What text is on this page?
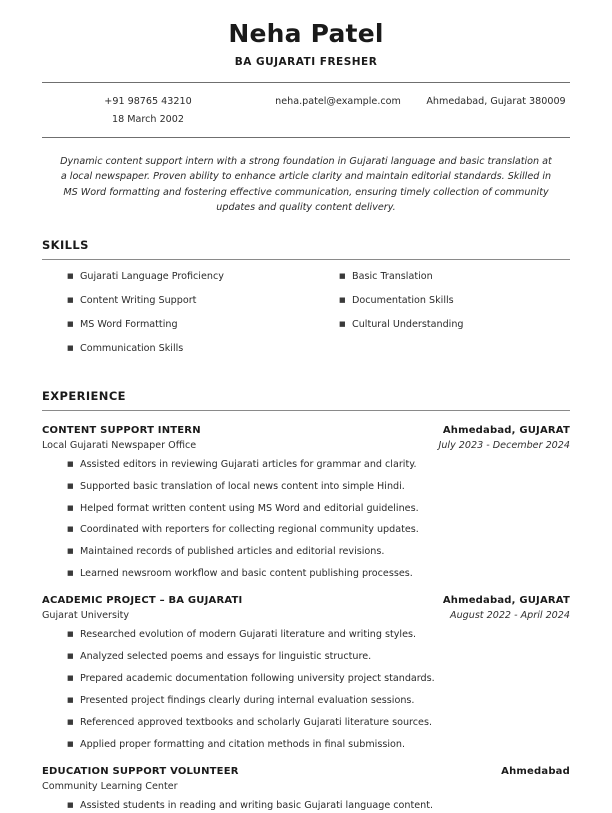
Neha Patel
BA GUJARATI FRESHER
+91 98765 43210
18 March 2002
neha.patel@example.com	Ahmedabad, Gujarat 380009
Dynamic content support intern with a strong foundation in Gujarati language and basic translation at a local newspaper. Proven ability to enhance article clarity and maintain editorial standards. Skilled in MS Word formatting and fostering effective communication, ensuring timely collection of community updates and quality content delivery.
SKILLS
■ Gujarati Language Proficiency
■ Content Writing Support
■ MS Word Formatting
■ Communication Skills
■ Basic Translation
■ Documentation Skills
■ Cultural Understanding
EXPERIENCE
CONTENT SUPPORT INTERN	Ahmedabad, GUJARAT
Local Gujarati Newspaper Office	July 2023 - December 2024
■ Assisted editors in reviewing Gujarati articles for grammar and clarity.
■ Supported basic translation of local news content into simple Hindi.
■ Helped format written content using MS Word and editorial guidelines.
■ Coordinated with reporters for collecting regional community updates.
■ Maintained records of published articles and editorial revisions.
■ Learned newsroom workflow and basic content publishing processes.
ACADEMIC PROJECT – BA GUJARATI	Ahmedabad, GUJARAT
Gujarat University	August 2022 - April 2024
■ Researched evolution of modern Gujarati literature and writing styles.
■ Analyzed selected poems and essays for linguistic structure.
■ Prepared academic documentation following university project standards.
■ Presented project findings clearly during internal evaluation sessions.
■ Referenced approved textbooks and scholarly Gujarati literature sources.
■ Applied proper formatting and citation methods in final submission.
EDUCATION SUPPORT VOLUNTEER	Ahmedabad
Community Learning Center
■ Assisted students in reading and writing basic Gujarati language content.
